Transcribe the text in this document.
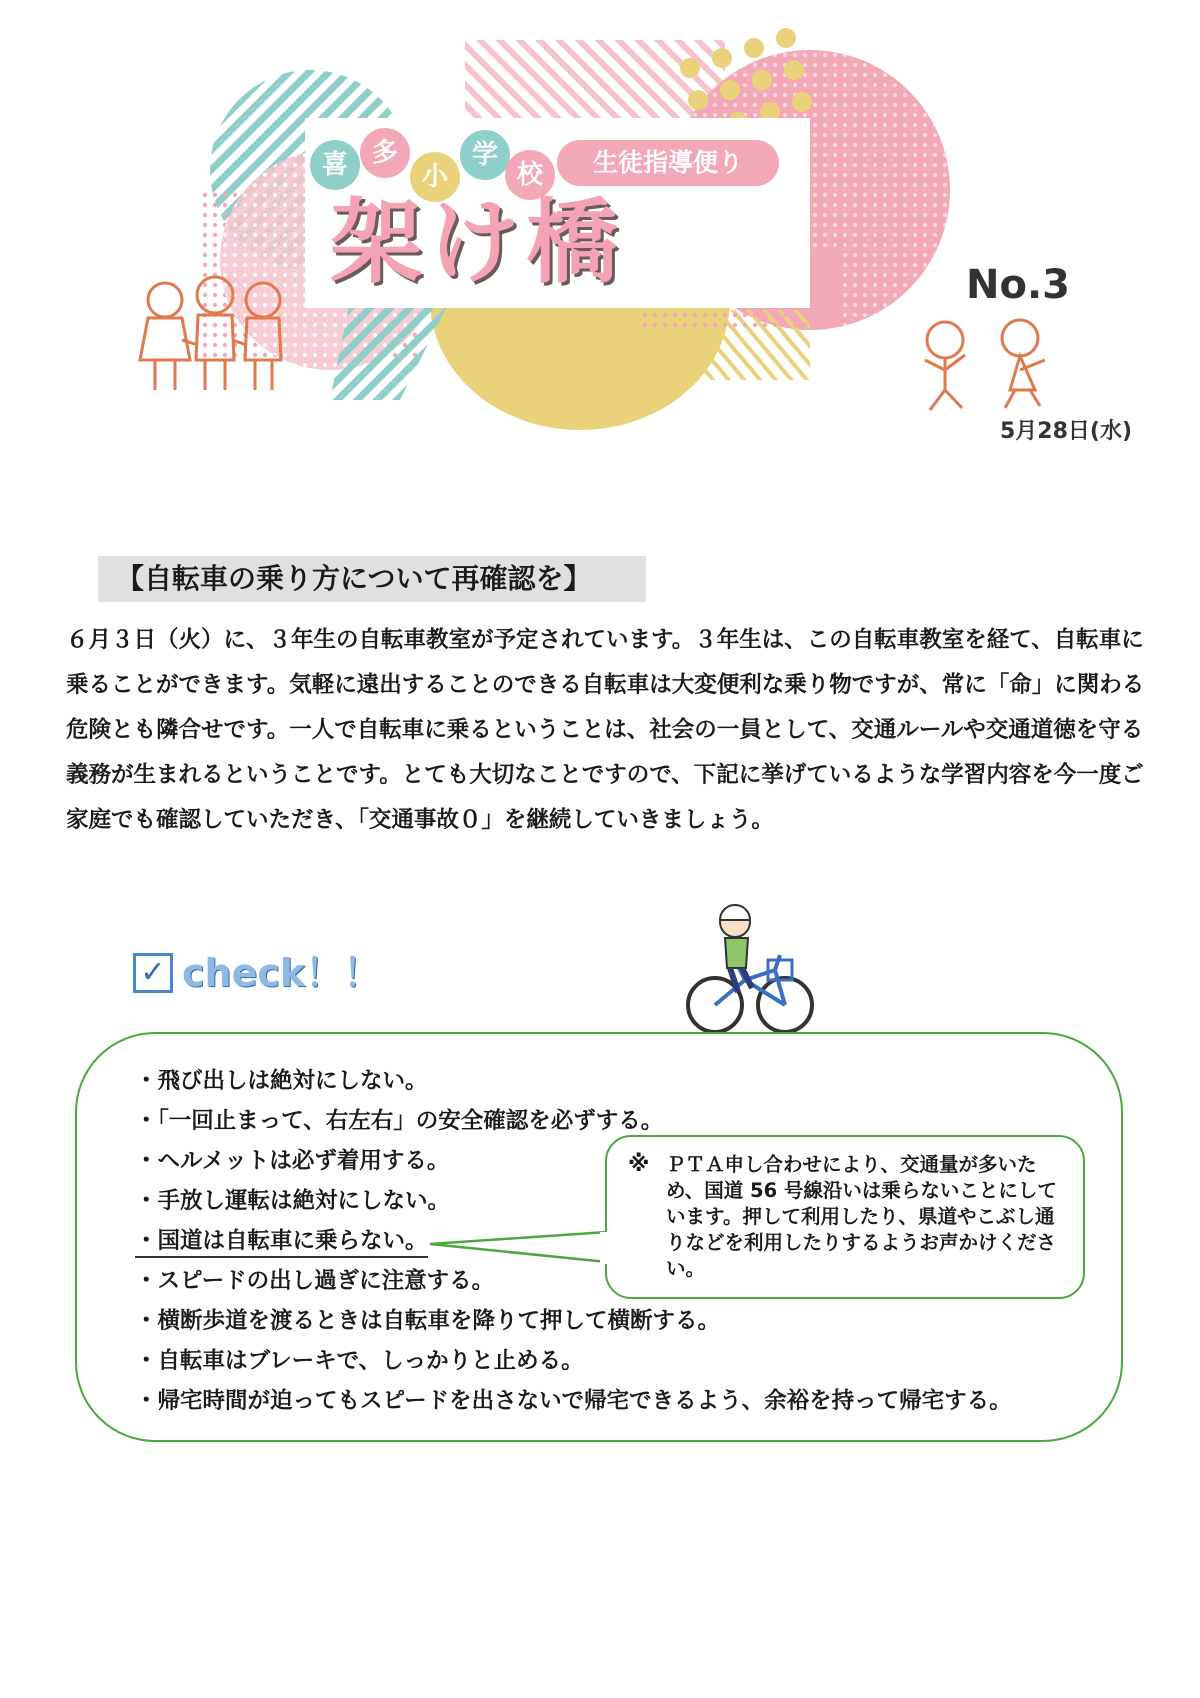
喜 多
小
学
校	生徒指導便り
架け橋	No.3
5月28日(水)
【自転車の乗り方について再確認を】

６月３日（火）に、３年生の自転車教室が予定されています。３年生は、この自転車教室を経て、自転車に乗ることができます。気軽に遠出することのできる自転車は大変便利な乗り物ですが、常に「命」に関わる危険とも隣合せです。一人で自転車に乗るということは、社会の一員として、交通ルールや交通道徳を守る義務が生まれるということです。とても大切なことですので、下記に挙げているような学習内容を今一度ご家庭でも確認していただき、「交通事故０」を継続していきましょう。

✓ check！！
・飛び出しは絶対にしない。
・「一回止まって、右左右」の安全確認を必ずする。
・ヘルメットは必ず着用する。
・手放し運転は絶対にしない。
・国道は自転車に乗らない。
・スピードの出し過ぎに注意する。
・横断歩道を渡るときは自転車を降りて押して横断する。
・自転車はブレーキで、しっかりと止める。
・帰宅時間が迫ってもスピードを出さないで帰宅できるよう、余裕を持って帰宅する。
※ ＰＴＡ申し合わせにより、交通量が多いため、国道 56 号線沿いは乗らないことにしています。押して利用したり、県道やこぶし通りなどを利用したりするようお声かけください。
